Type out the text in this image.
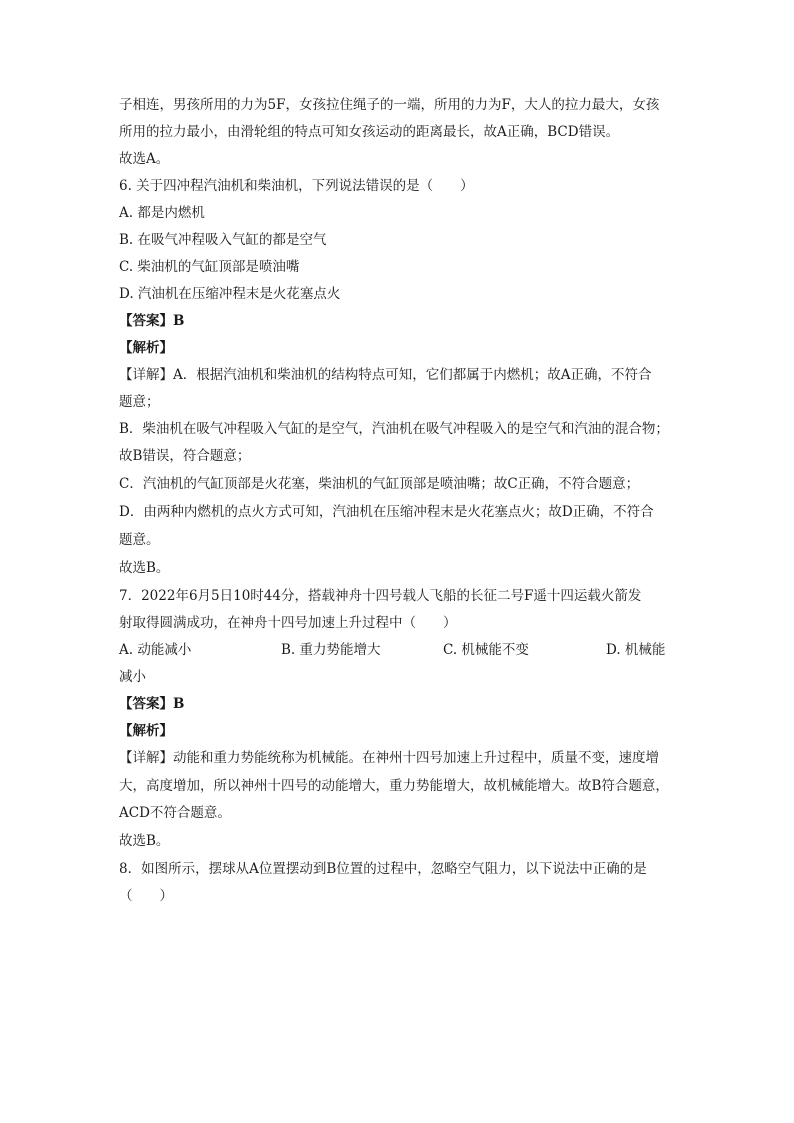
子相连，男孩所用的力为5F，女孩拉住绳子的一端，所用的力为F，大人的拉力最大，女孩
所用的拉力最小，由滑轮组的特点可知女孩运动的距离最长，故A正确，BCD错误。
故选A。
6. 关于四冲程汽油机和柴油机，下列说法错误的是（　　）
A. 都是内燃机
B. 在吸气冲程吸入气缸的都是空气
C. 柴油机的气缸顶部是喷油嘴
D. 汽油机在压缩冲程末是火花塞点火
【答案】B
【解析】
【详解】A．根据汽油机和柴油机的结构特点可知，它们都属于内燃机；故A正确，不符合
题意；
B．柴油机在吸气冲程吸入气缸的是空气，汽油机在吸气冲程吸入的是空气和汽油的混合物；
故B错误，符合题意；
C．汽油机的气缸顶部是火花塞，柴油机的气缸顶部是喷油嘴；故C正确，不符合题意；
D．由两种内燃机的点火方式可知，汽油机在压缩冲程末是火花塞点火；故D正确，不符合
题意。
故选B。
7．2022年6月5日10时44分，搭载神舟十四号载人飞船的长征二号F遥十四运载火箭发
射取得圆满成功，在神舟十四号加速上升过程中（　　）
A. 动能减小	B. 重力势能增大	C. 机械能不变	D. 机械能
减小
【答案】B
【解析】
【详解】动能和重力势能统称为机械能。在神州十四号加速上升过程中，质量不变，速度增
大，高度增加，所以神州十四号的动能增大，重力势能增大，故机械能增大。故B符合题意，
ACD不符合题意。
故选B。
8．如图所示，摆球从A位置摆动到B位置的过程中，忽略空气阻力，以下说法中正确的是
（　　）
